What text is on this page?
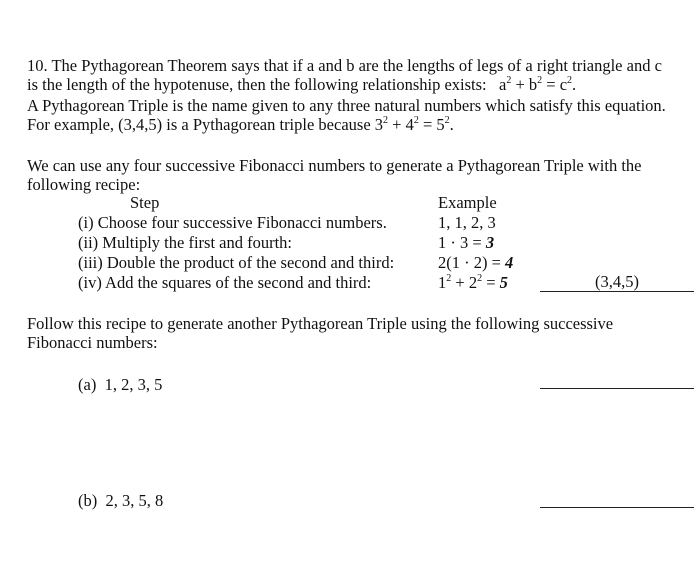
10. The Pythagorean Theorem says that if a and b are the lengths of legs of a right triangle and c
is the length of the hypotenuse, then the following relationship exists: $a^2 + b^2 = c^2$.
A Pythagorean Triple is the name given to any three natural numbers which satisfy this equation.
For example, (3,4,5) is a Pythagorean triple because $3^2 + 4^2 = 5^2$.
We can use any four successive Fibonacci numbers to generate a Pythagorean Triple with the
following recipe:
Step	Example
(i) Choose four successive Fibonacci numbers.	1, 1, 2, 3
(ii) Multiply the first and fourth:	1 · 3 = 3
(iii) Double the product of the second and third:	2(1 · 2) = 4
(iv) Add the squares of the second and third:	$1^2 + 2^2 = 5$	(3,4,5)
Follow this recipe to generate another Pythagorean Triple using the following successive
Fibonacci numbers:
(a) 1, 2, 3, 5
(b) 2, 3, 5, 8
